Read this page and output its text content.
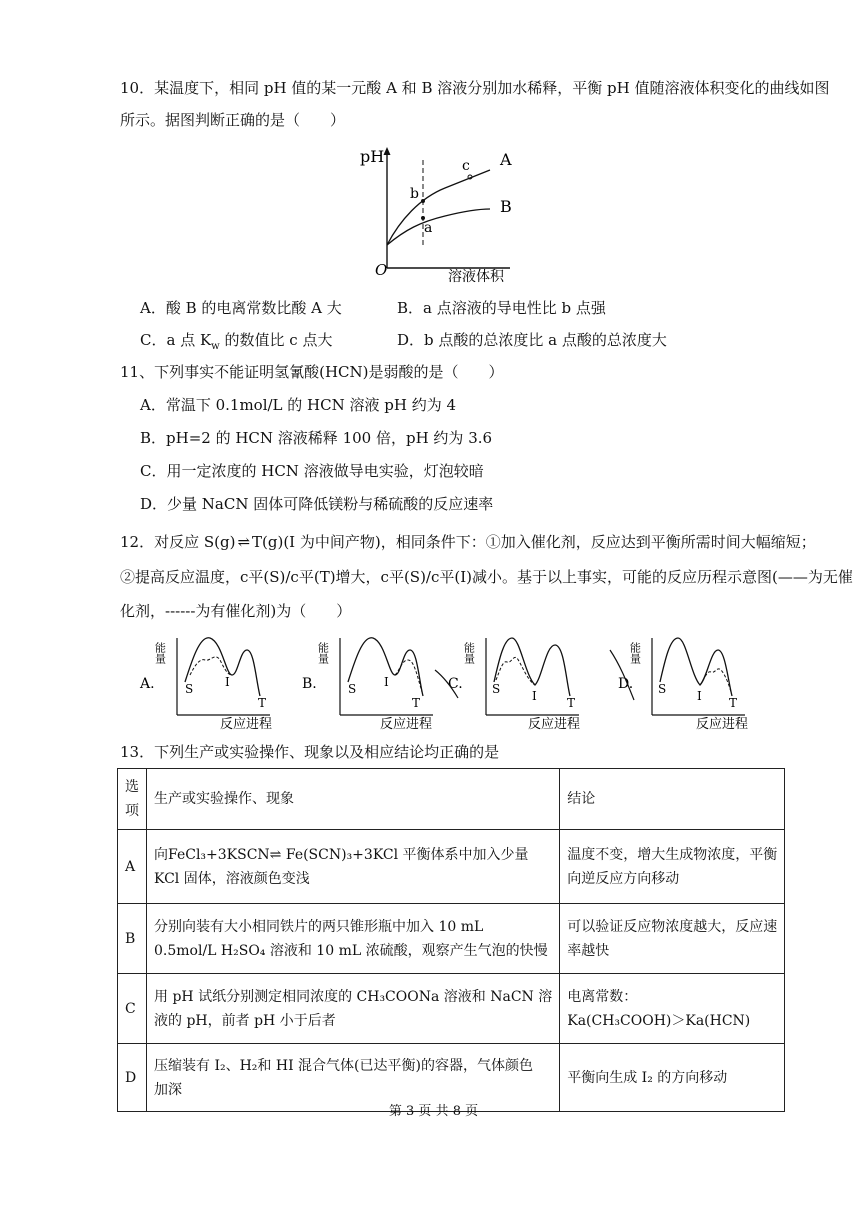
10．某温度下，相同 pH 值的某一元酸 A 和 B 溶液分别加水稀释，平衡 pH 值随溶液体积变化的曲线如图
所示。据图判断正确的是（　　）
pH
O	溶液体积
A
B
b
c
a
A．酸 B 的电离常数比酸 A 大	B．a 点溶液的导电性比 b 点强
C．a 点 $K_w$ 的数值比 c 点大	D．b 点酸的总浓度比 a 点酸的总浓度大
11、下列事实不能证明氢氰酸(HCN)是弱酸的是（　　）
A．常温下 0.1mol/L 的 HCN 溶液 pH 约为 4
B．pH=2 的 HCN 溶液稀释 100 倍，pH 约为 3.6
C．用一定浓度的 HCN 溶液做导电实验，灯泡较暗
D．少量 NaCN 固体可降低镁粉与稀硫酸的反应速率
12．对反应 S(g) ⇌ T(g)(I 为中间产物)，相同条件下：①加入催化剂，反应达到平衡所需时间大幅缩短；
②提高反应温度，c平(S)/c平(T)增大，c平(S)/c平(I)减小。基于以上事实，可能的反应历程示意图(——为无催
化剂，------为有催化剂)为（　　）
A.
能量
S	I
T
反应进程
B.
能量
S I
T
反应进程
C.
能量
S	I	T
反应进程
D.
能量
S	I T
反应进程
13．下列生产或实验操作、现象以及相应结论均正确的是
选项	生产或实验操作、现象	结论
A	向FeCl₃+3KSCN⇌ Fe(SCN)₃+3KCl 平衡体系中加入少量
KCl 固体，溶液颜色变浅	温度不变，增大生成物浓度，平衡
向逆反应方向移动

B	分别向装有大小相同铁片的两只锥形瓶中加入 10 mL
0.5mol/L H₂SO₄ 溶液和 10 mL 浓硫酸，观察产生气泡的快慢	可以验证反应物浓度越大，反应速
率越快

C	用 pH 试纸分别测定相同浓度的 CH₃COONa 溶液和 NaCN 溶
液的 pH，前者 pH 小于后者	电离常数：
Ka(CH₃COOH)＞Ka(HCN)

D	压缩装有 I₂、H₂和 HI 混合气体(已达平衡)的容器，气体颜色
加深	平衡向生成 I₂ 的方向移动
第 3 页 共 8 页
